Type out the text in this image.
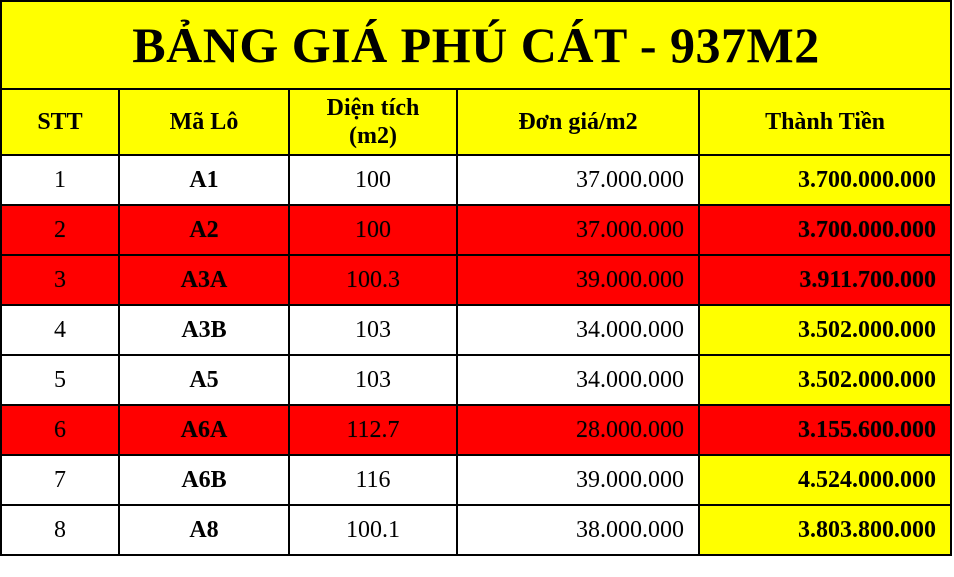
BẢNG GIÁ PHÚ CÁT - 937M2				
STT	Mã Lô	Diện tích (m2)	Đơn giá/m2	Thành Tiền
1	A1	100	37.000.000	3.700.000.000
2	A2	100	37.000.000	3.700.000.000
3	A3A	100.3	39.000.000	3.911.700.000
4	A3B	103	34.000.000	3.502.000.000
5	A5	103	34.000.000	3.502.000.000
6	A6A	112.7	28.000.000	3.155.600.000
7	A6B	116	39.000.000	4.524.000.000
8	A8	100.1	38.000.000	3.803.800.000
